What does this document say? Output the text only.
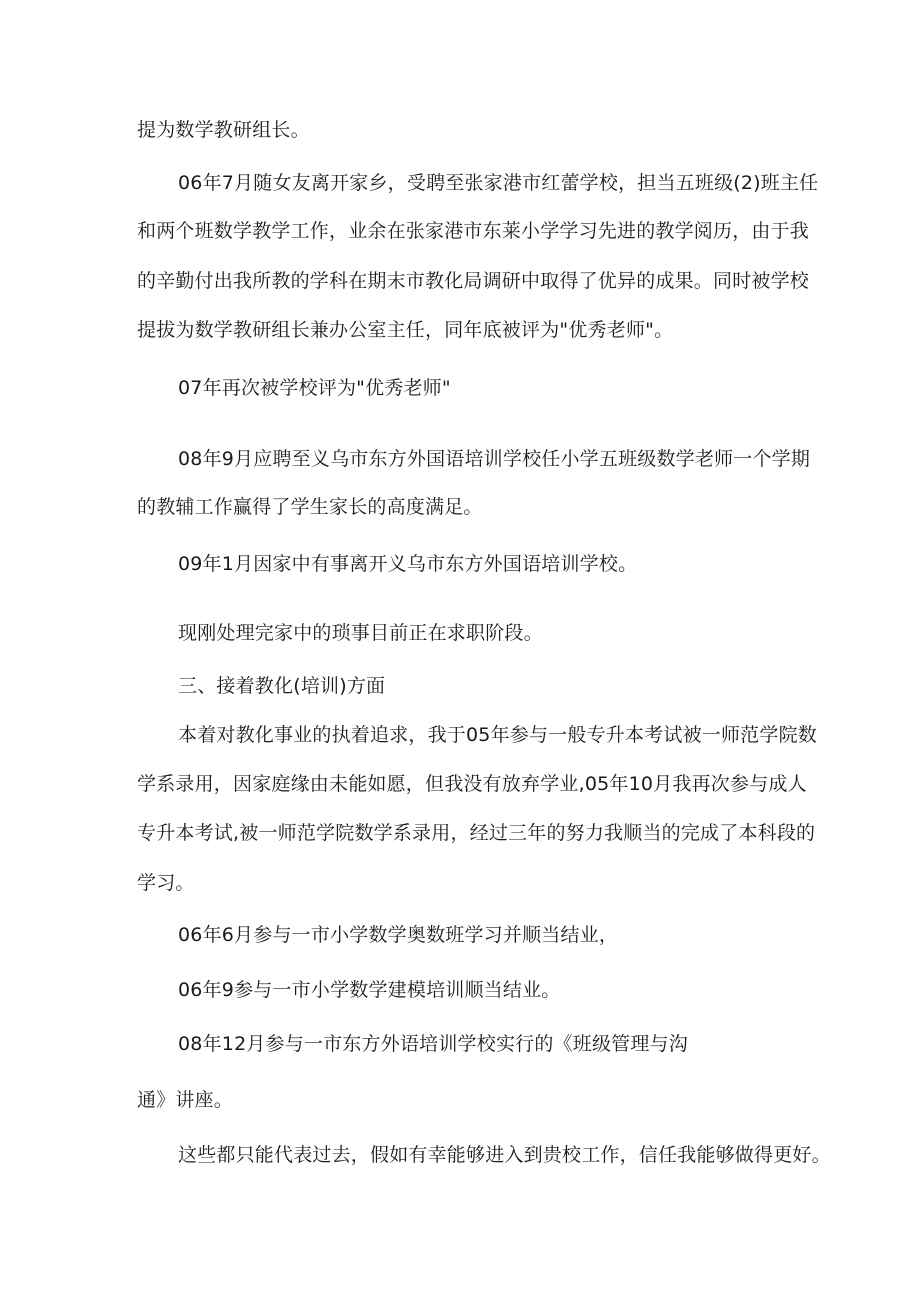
提为数学教研组长。

06年7月随女友离开家乡，受聘至张家港市红蕾学校，担当五班级(2)班主任

和两个班数学教学工作，业余在张家港市东莱小学学习先进的教学阅历，由于我

的辛勤付出我所教的学科在期末市教化局调研中取得了优异的成果。同时被学校

提拔为数学教研组长兼办公室主任，同年底被评为"优秀老师"。

07年再次被学校评为"优秀老师"

08年9月应聘至义乌市东方外国语培训学校任小学五班级数学老师一个学期

的教辅工作赢得了学生家长的高度满足。

09年1月因家中有事离开义乌市东方外国语培训学校。

现刚处理完家中的琐事目前正在求职阶段。

三、接着教化(培训)方面

本着对教化事业的执着追求，我于05年参与一般专升本考试被一师范学院数

学系录用，因家庭缘由未能如愿，但我没有放弃学业,05年10月我再次参与成人

专升本考试,被一师范学院数学系录用，经过三年的努力我顺当的完成了本科段的

学习。

06年6月参与一市小学数学奥数班学习并顺当结业，

06年9参与一市小学数学建模培训顺当结业。

08年12月参与一市东方外语培训学校实行的《班级管理与沟

通》讲座。

这些都只能代表过去，假如有幸能够进入到贵校工作，信任我能够做得更好。
